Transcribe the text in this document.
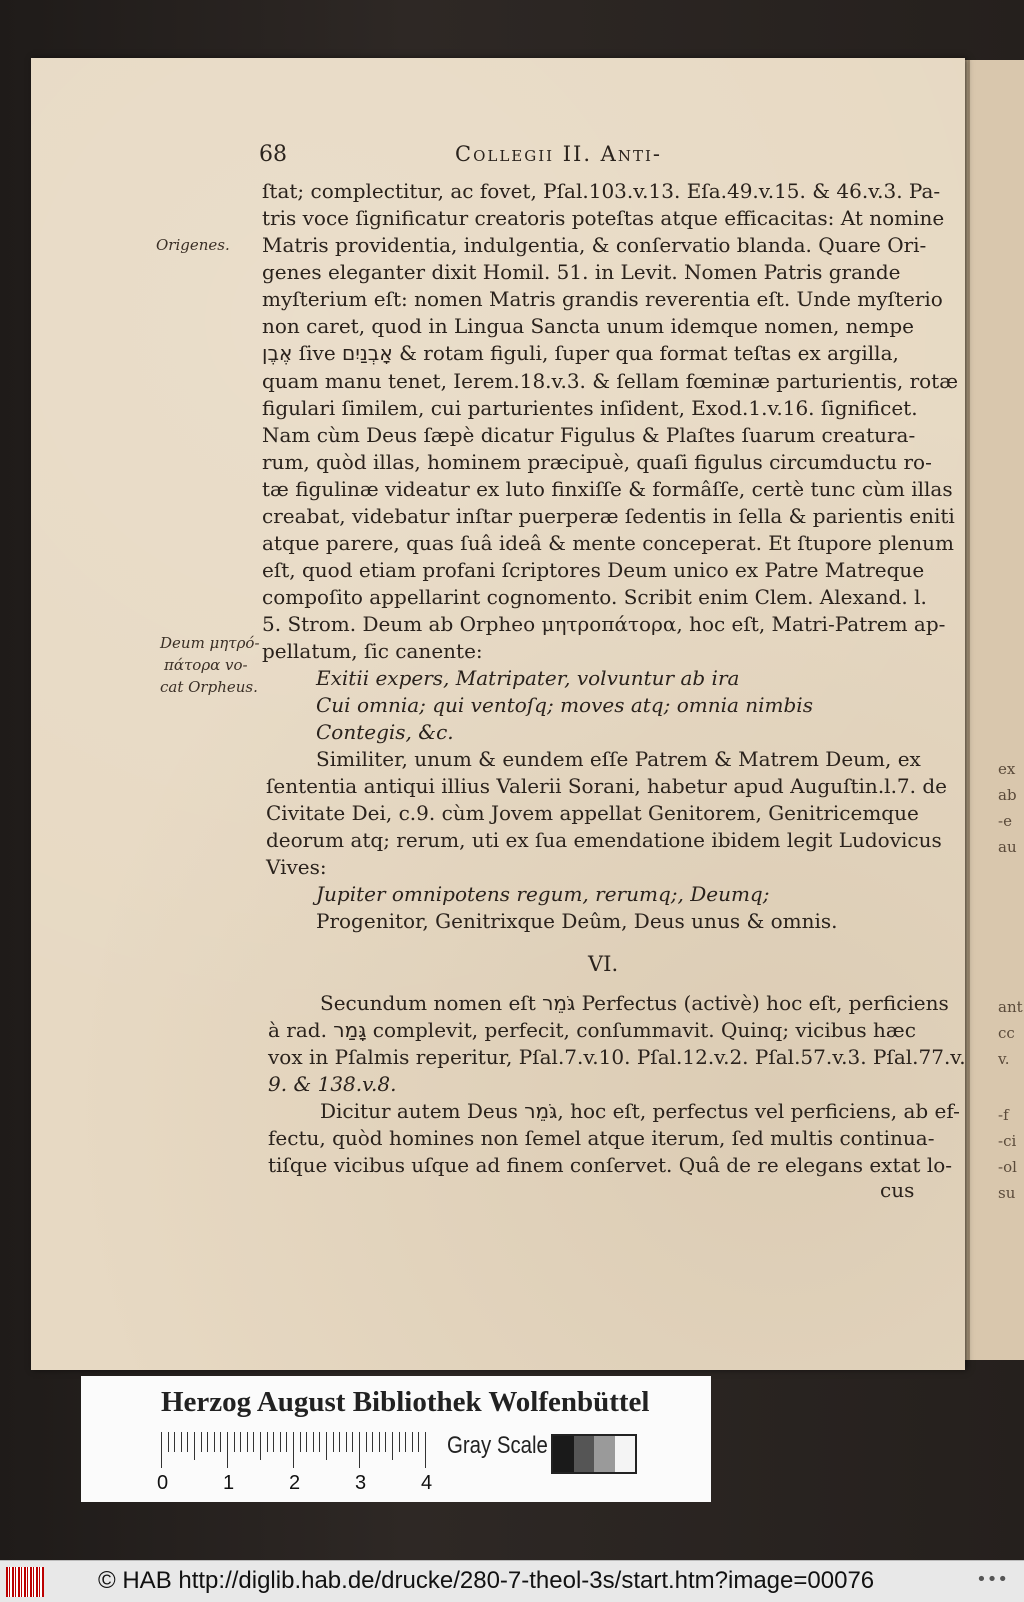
ex
ab
-e
au
ant
cc
v.
-f
-ci
-ol
su
68	Collegii II. Anti-
Origenes.
Deum μητρό-
πάτορα vo-
cat Orpheus.
ſtat; complectitur, ac fovet, Pſal.103.v.13. Eſa.49.v.15. & 46.v.3. Pa-
tris voce ſignificatur creatoris poteſtas atque efficacitas: At nomine
Matris providentia, indulgentia, & conſervatio blanda. Quare Ori-
genes eleganter dixit Homil. 51. in Levit. Nomen Patris grande
myſterium eſt: nomen Matris grandis reverentia eſt. Unde myſterio
non caret, quod in Lingua Sancta unum idemque nomen, nempe
אֶבֶן ſive אָבְנַיִם & rotam figuli, ſuper qua format teſtas ex argilla,
quam manu tenet, Ierem.18.v.3. & ſellam fœminæ parturientis, rotæ
figulari ſimilem, cui parturientes inſident, Exod.1.v.16. ſignificet.
Nam cùm Deus ſæpè dicatur Figulus & Plaſtes ſuarum creatura-
rum, quòd illas, hominem præcipuè, quaſi figulus circumductu ro-
tæ figulinæ videatur ex luto finxiſſe & formâſſe, certè tunc cùm illas
creabat, videbatur inſtar puerperæ ſedentis in ſella & parientis eniti
atque parere, quas ſuâ ideâ & mente conceperat. Et ſtupore plenum
eſt, quod etiam profani ſcriptores Deum unico ex Patre Matreque
compoſito appellarint cognomento. Scribit enim Clem. Alexand. l.
5. Strom. Deum ab Orpheo μητροπάτορα, hoc eſt, Matri-Patrem ap-
pellatum, ſic canente:
Exitii expers, Matripater, volvuntur ab ira
Cui omnia; qui ventoſq; moves atq; omnia nimbis
Contegis, &c.
Similiter, unum & eundem eſſe Patrem & Matrem Deum, ex
ſententia antiqui illius Valerii Sorani, habetur apud Auguſtin.l.7. de
Civitate Dei, c.9. cùm Jovem appellat Genitorem, Genitricemque
deorum atq; rerum, uti ex ſua emendatione ibidem legit Ludovicus
Vives:
Jupiter omnipotens regum, rerumq;, Deumq;
Progenitor, Genitrixque Deûm, Deus unus & omnis.
VI.
Secundum nomen eſt גֹּמֵר Perfectus (activè) hoc eſt, perficiens
à rad. גָּמַר complevit, perfecit, conſummavit. Quinq; vicibus hæc
vox in Pſalmis reperitur, Pſal.7.v.10. Pſal.12.v.2. Pſal.57.v.3. Pſal.77.v.
9. & 138.v.8.
Dicitur autem Deus גֹּמֵר, hoc eſt, perfectus vel perficiens, ab ef-
fectu, quòd homines non ſemel atque iterum, ſed multis continua-
tiſque vicibus uſque ad finem conſervet. Quâ de re elegans extat lo-
cus
Herzog August Bibliothek Wolfenbüttel
0	1	2	3	4
Gray Scale
© HAB http://diglib.hab.de/drucke/280-7-theol-3s/start.htm?image=00076	•••
